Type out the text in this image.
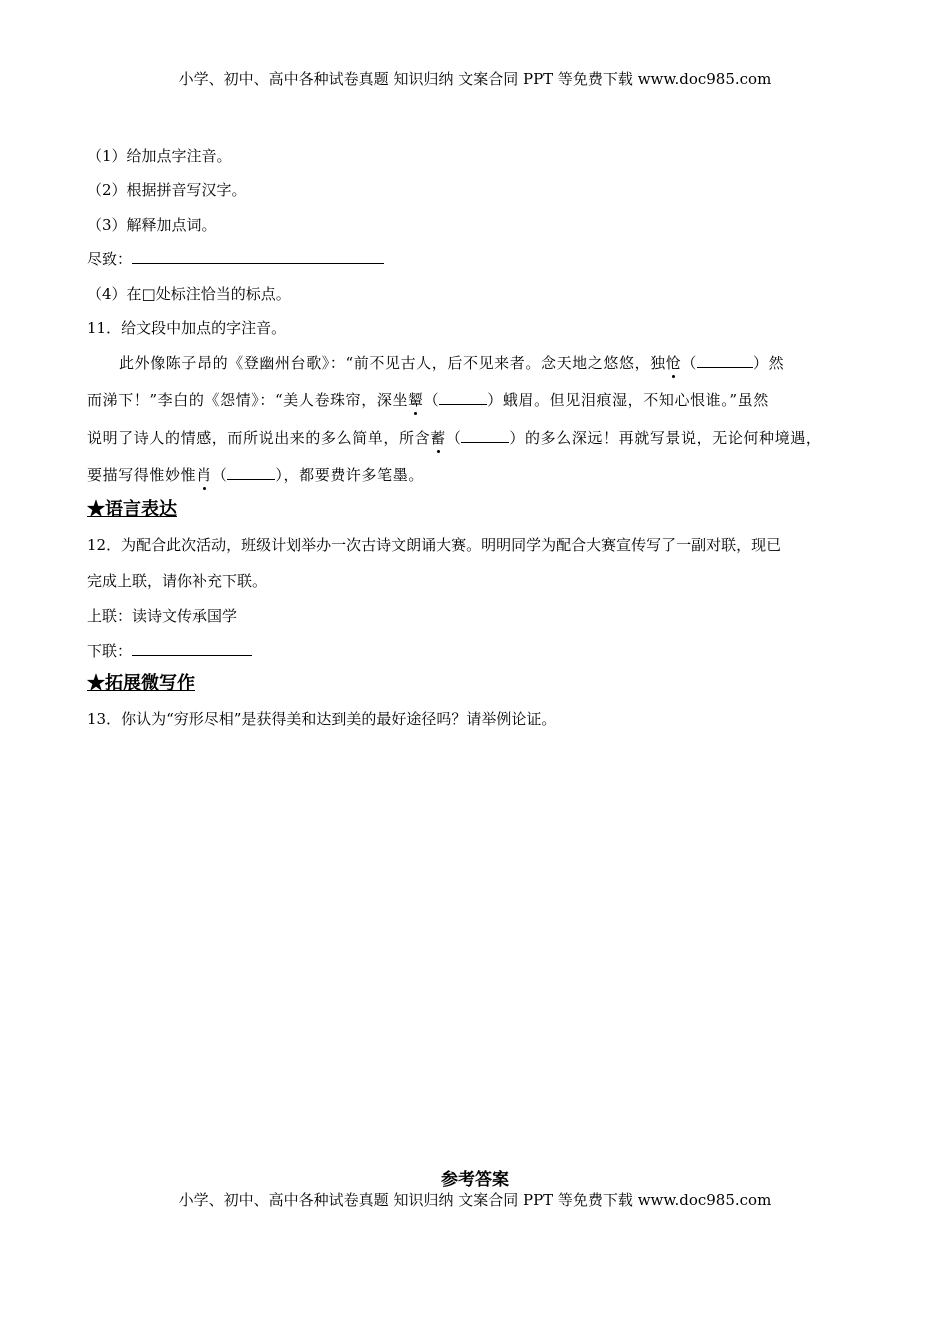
小学、初中、高中各种试卷真题 知识归纳 文案合同 PPT 等免费下载 www.doc985.com
（1）给加点字注音。
（2）根据拼音写汉字。
（3）解释加点词。
尽致：
（4）在□处标注恰当的标点。
11．给文段中加点的字注音。
此外像陈子昂的《登幽州台歌》：“前不见古人，后不见来者。念天地之悠悠，独怆（	）然
而涕下！”李白的《怨情》：“美人卷珠帘，深坐颦（	）蛾眉。但见泪痕湿，不知心恨谁。”虽然
说明了诗人的情感，而所说出来的多么简单，所含蓄（	）的多么深远！再就写景说，无论何种境遇，
要描写得惟妙惟肖（	），都要费许多笔墨。
★语言表达
12．为配合此次活动，班级计划举办一次古诗文朗诵大赛。明明同学为配合大赛宣传写了一副对联，现已
完成上联，请你补充下联。
上联：读诗文传承国学
下联：
★拓展微写作
13．你认为“穷形尽相”是获得美和达到美的最好途径吗？请举例论证。
参考答案
小学、初中、高中各种试卷真题 知识归纳 文案合同 PPT 等免费下载 www.doc985.com
